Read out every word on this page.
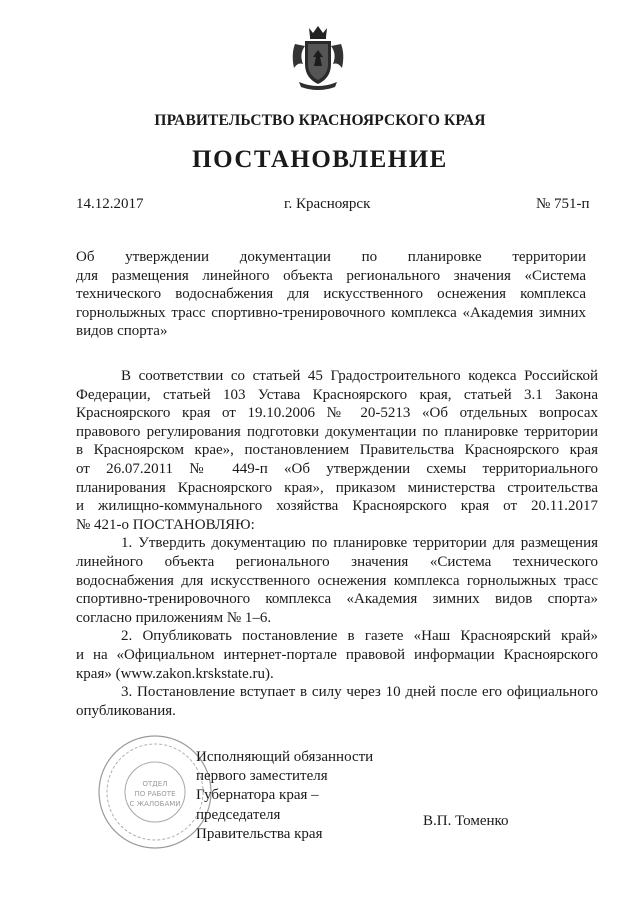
ПРАВИТЕЛЬСТВО КРАСНОЯРСКОГО КРАЯ
ПОСТАНОВЛЕНИЕ
14.12.2017	г. Красноярск	№ 751-п
Об утверждении документации по планировке территории
для размещения линейного объекта регионального значения «Система
технического водоснабжения для искусственного оснежения комплекса
горнолыжных трасс спортивно-тренировочного комплекса «Академия зимних
видов спорта»
В соответствии со статьей 45 Градостроительного кодекса Российской
Федерации, статьей 103 Устава Красноярского края, статьей 3.1 Закона
Красноярского края от 19.10.2006 № 20-5213 «Об отдельных вопросах
правового регулирования подготовки документации по планировке территории
в Красноярском крае», постановлением Правительства Красноярского края
от 26.07.2011 № 449-п «Об утверждении схемы территориального
планирования Красноярского края», приказом министерства строительства
и жилищно-коммунального хозяйства Красноярского края от 20.11.2017
№ 421-о ПОСТАНОВЛЯЮ:
1. Утвердить документацию по планировке территории для размещения
линейного объекта регионального значения «Система технического
водоснабжения для искусственного оснежения комплекса горнолыжных трасс
спортивно-тренировочного комплекса «Академия зимних видов спорта»
согласно приложениям № 1–6.
2. Опубликовать постановление в газете «Наш Красноярский край»
и на «Официальном интернет-портале правовой информации Красноярского
края» (www.zakon.krskstate.ru).
3. Постановление вступает в силу через 10 дней после его официального
опубликования.
ОТДЕЛ
ПО РАБОТЕ
С ЖАЛОБАМИ
Исполняющий обязанности
первого заместителя
Губернатора края –
председателя
Правительства края
В.П. Томенко
